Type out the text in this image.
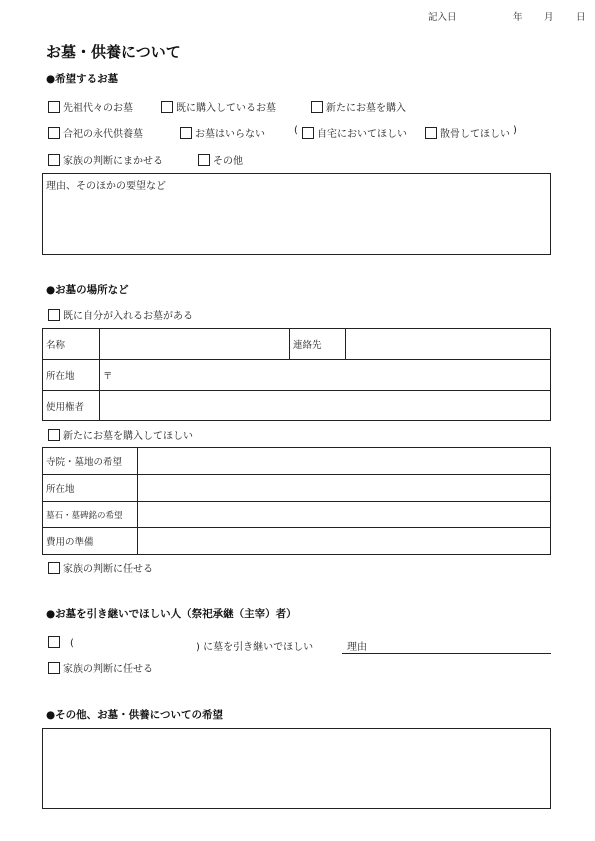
記入日	年 月 日
お墓・供養について
●希望するお墓
先祖代々のお墓	既に購入しているお墓	新たにお墓を購入
合祀の永代供養墓	お墓はいらない	( 自宅においてほしい	散骨してほしい )
家族の判断にまかせる	その他
理由、そのほかの要望など
●お墓の場所など
既に自分が入れるお墓がある
名称		連絡先	
所在地	〒		
使用権者			
新たにお墓を購入してほしい
寺院・墓地の希望	
所在地	
墓石・墓碑銘の希望	
費用の準備	
家族の判断に任せる
●お墓を引き継いでほしい人（祭祀承継（主宰）者）
(	) に墓を引き継いでほしい	理由
家族の判断に任せる
●その他、お墓・供養についての希望
